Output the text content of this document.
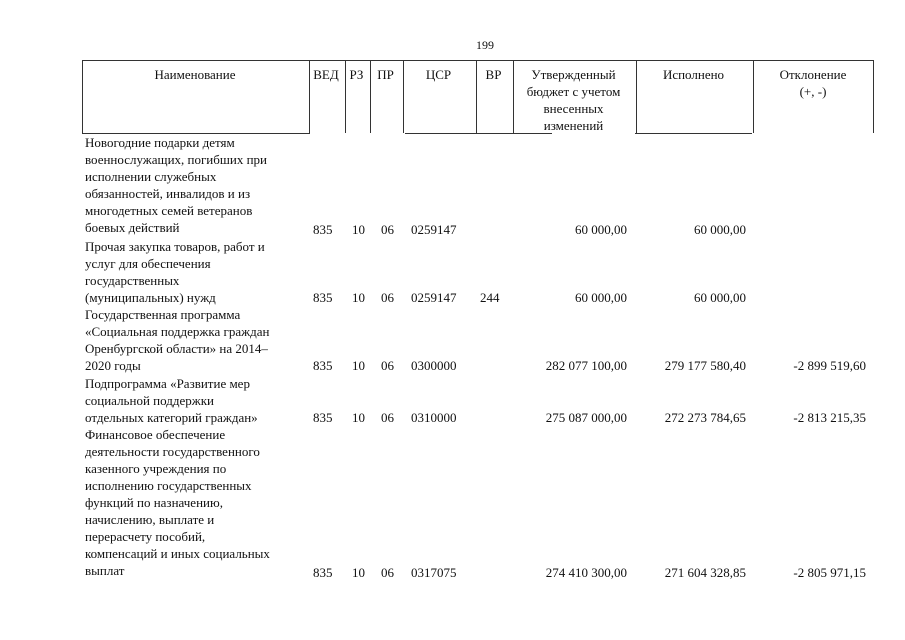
199
Наименование	ВЕД РЗ	ПР	ЦСР	ВР	Утвержденный
бюджет с учетом
внесенных
изменений
Исполнено	Отклонение
(+, -)
Новогодние подарки детям
военнослужащих, погибших при
исполнении служебных
обязанностей, инвалидов и из
многодетных семей ветеранов
боевых действий	835 10 06 0259147	60 000,00	60 000,00
Прочая закупка товаров, работ и
услуг для обеспечения
государственных
(муниципальных) нужд	835 10 06 0259147 244	60 000,00	60 000,00
Государственная программа
«Социальная поддержка граждан
Оренбургской области» на 2014–
2020 годы	835 10 06 0300000	282 077 100,00	279 177 580,40	-2 899 519,60
Подпрограмма «Развитие мер
социальной поддержки
отдельных категорий граждан»	835 10 06 0310000	275 087 000,00	272 273 784,65	-2 813 215,35
Финансовое обеспечение
деятельности государственного
казенного учреждения по
исполнению государственных
функций по назначению,
начислению, выплате и
перерасчету пособий,
компенсаций и иных социальных
выплат	835 10 06 0317075	274 410 300,00	271 604 328,85	-2 805 971,15
